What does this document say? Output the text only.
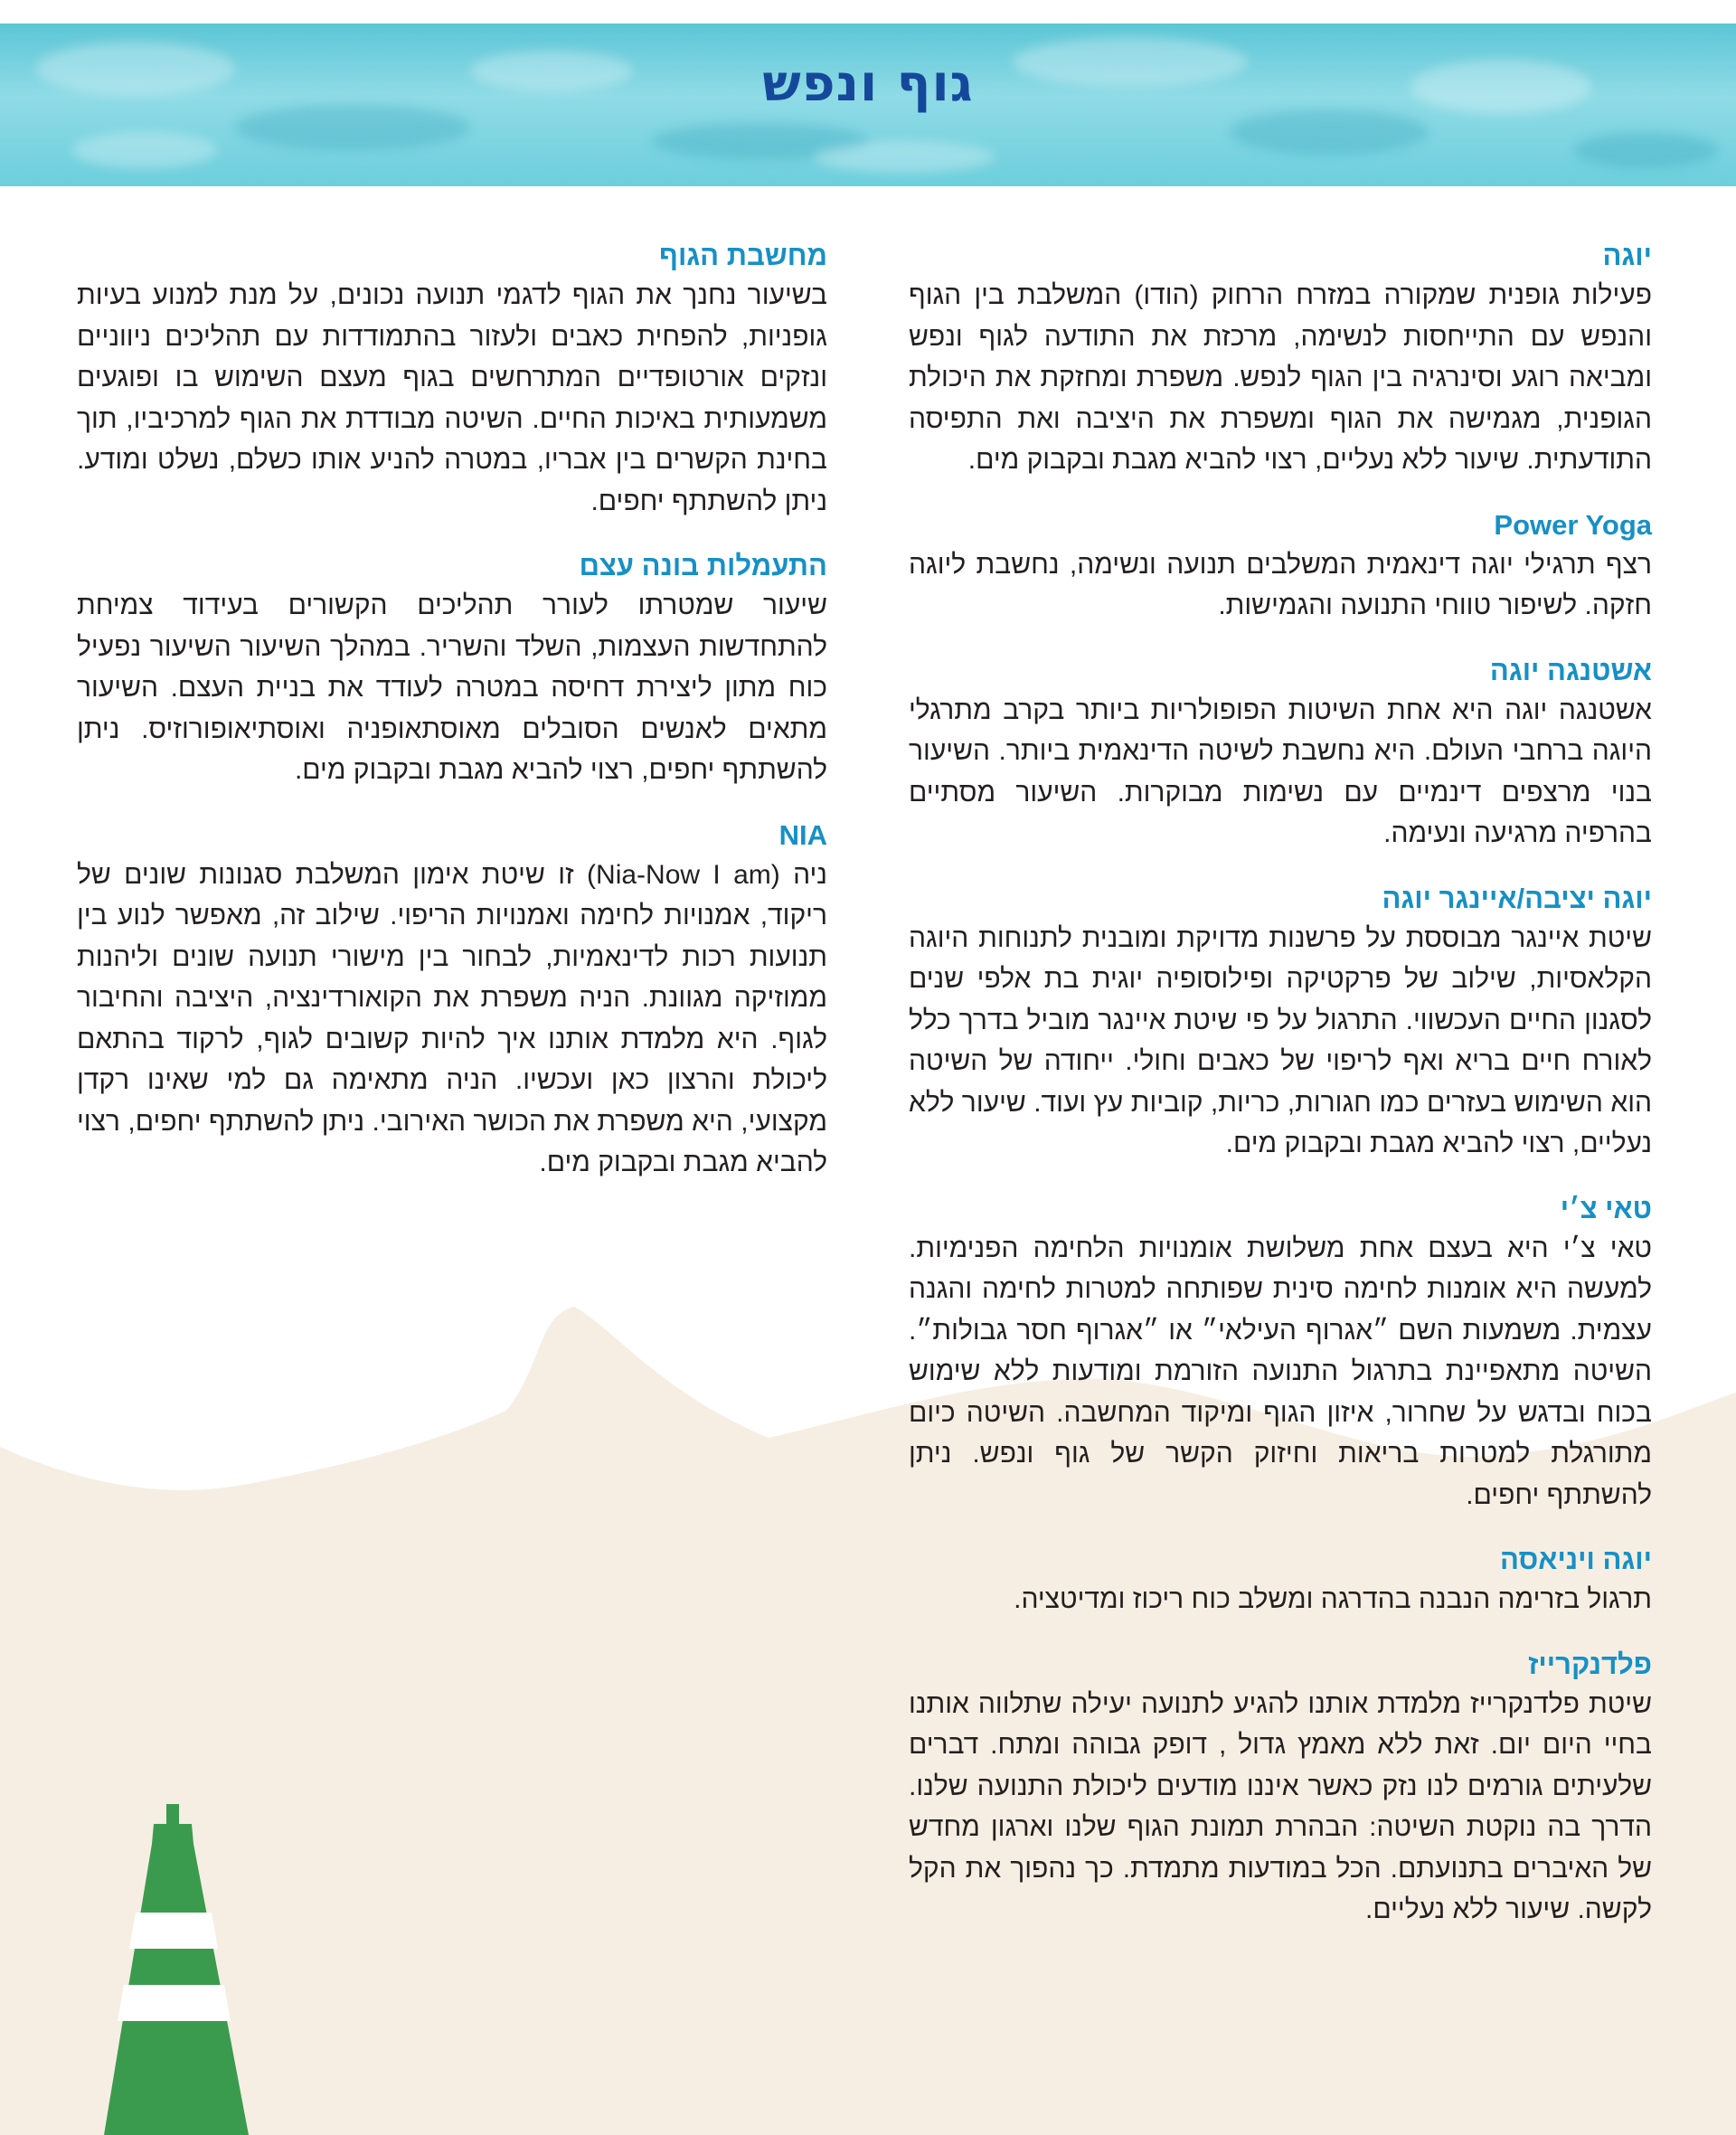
גוף ונפש

יוגה

פעילות גופנית שמקורה במזרח הרחוק (הודו) המשלבת בין הגוף והנפש עם התייחסות לנשימה, מרכזת את התודעה לגוף ונפש ומביאה רוגע וסינרגיה בין הגוף לנפש. משפרת ומחזקת את היכולת הגופנית, מגמישה את הגוף ומשפרת את היציבה ואת התפיסה התודעתית. שיעור ללא נעליים, רצוי להביא מגבת ובקבוק מים.

Power Yoga

רצף תרגילי יוגה דינאמית המשלבים תנועה ונשימה, נחשבת ליוגה חזקה. לשיפור טווחי התנועה והגמישות.

אשטנגה יוגה

אשטנגה יוגה היא אחת השיטות הפופולריות ביותר בקרב מתרגלי היוגה ברחבי העולם. היא נחשבת לשיטה הדינאמית ביותר. השיעור בנוי מרצפים דינמיים עם נשימות מבוקרות. השיעור מסתיים בהרפיה מרגיעה ונעימה.

יוגה יציבה/איינגר יוגה

שיטת איינגר מבוססת על פרשנות מדויקת ומובנית לתנוחות היוגה הקלאסיות, שילוב של פרקטיקה ופילוסופיה יוגית בת אלפי שנים לסגנון החיים העכשווי. התרגול על פי שיטת איינגר מוביל בדרך כלל לאורח חיים בריא ואף לריפוי של כאבים וחולי. ייחודה של השיטה הוא השימוש בעזרים כמו חגורות, כריות, קוביות עץ ועוד. שיעור ללא נעליים, רצוי להביא מגבת ובקבוק מים.

טאי צ׳י

טאי צ׳י היא בעצם אחת משלושת אומנויות הלחימה הפנימיות. למעשה היא אומנות לחימה סינית שפותחה למטרות לחימה והגנה עצמית. משמעות השם ״אגרוף העילאי״ או ״אגרוף חסר גבולות״. השיטה מתאפיינת בתרגול התנועה הזורמת ומודעות ללא שימוש בכוח ובדגש על שחרור, איזון הגוף ומיקוד המחשבה. השיטה כיום מתורגלת למטרות בריאות וחיזוק הקשר של גוף ונפש. ניתן להשתתף יחפים.

יוגה ויניאסה

תרגול בזרימה הנבנה בהדרגה ומשלב כוח ריכוז ומדיטציה.

פלדנקרייז

שיטת פלדנקרייז מלמדת אותנו להגיע לתנועה יעילה שתלווה אותנו בחיי היום יום. זאת ללא מאמץ גדול , דופק גבוהה ומתח. דברים שלעיתים גורמים לנו נזק כאשר איננו מודעים ליכולת התנועה שלנו. הדרך בה נוקטת השיטה: הבהרת תמונת הגוף שלנו וארגון מחדש של האיברים בתנועתם. הכל במודעות מתמדת. כך נהפוך את הקל לקשה. שיעור ללא נעליים.

מחשבת הגוף

בשיעור נחנך את הגוף לדגמי תנועה נכונים, על מנת למנוע בעיות גופניות, להפחית כאבים ולעזור בהתמודדות עם תהליכים ניווניים ונזקים אורטופדיים המתרחשים בגוף מעצם השימוש בו ופוגעים משמעותית באיכות החיים. השיטה מבודדת את הגוף למרכיביו, תוך בחינת הקשרים בין אבריו, במטרה להניע אותו כשלם, נשלט ומודע. ניתן להשתתף יחפים.

התעמלות בונה עצם

שיעור שמטרתו לעורר תהליכים הקשורים בעידוד צמיחת להתחדשות העצמות, השלד והשריר. במהלך השיעור השיעור נפעיל כוח מתון ליצירת דחיסה במטרה לעודד את בניית העצם. השיעור מתאים לאנשים הסובלים מאוסתאופניה ואוסתיאופורוזיס. ניתן להשתתף יחפים, רצוי להביא מגבת ובקבוק מים.

NIA

ניה (Nia-Now I am) זו שיטת אימון המשלבת סגנונות שונים של ריקוד, אמנויות לחימה ואמנויות הריפוי. שילוב זה, מאפשר לנוע בין תנועות רכות לדינאמיות, לבחור בין מישורי תנועה שונים וליהנות ממוזיקה מגוונת. הניה משפרת את הקואורדינציה, היציבה והחיבור לגוף. היא מלמדת אותנו איך להיות קשובים לגוף, לרקוד בהתאם ליכולת והרצון כאן ועכשיו. הניה מתאימה גם למי שאינו רקדן מקצועי, היא משפרת את הכושר האירובי. ניתן להשתתף יחפים, רצוי להביא מגבת ובקבוק מים.
